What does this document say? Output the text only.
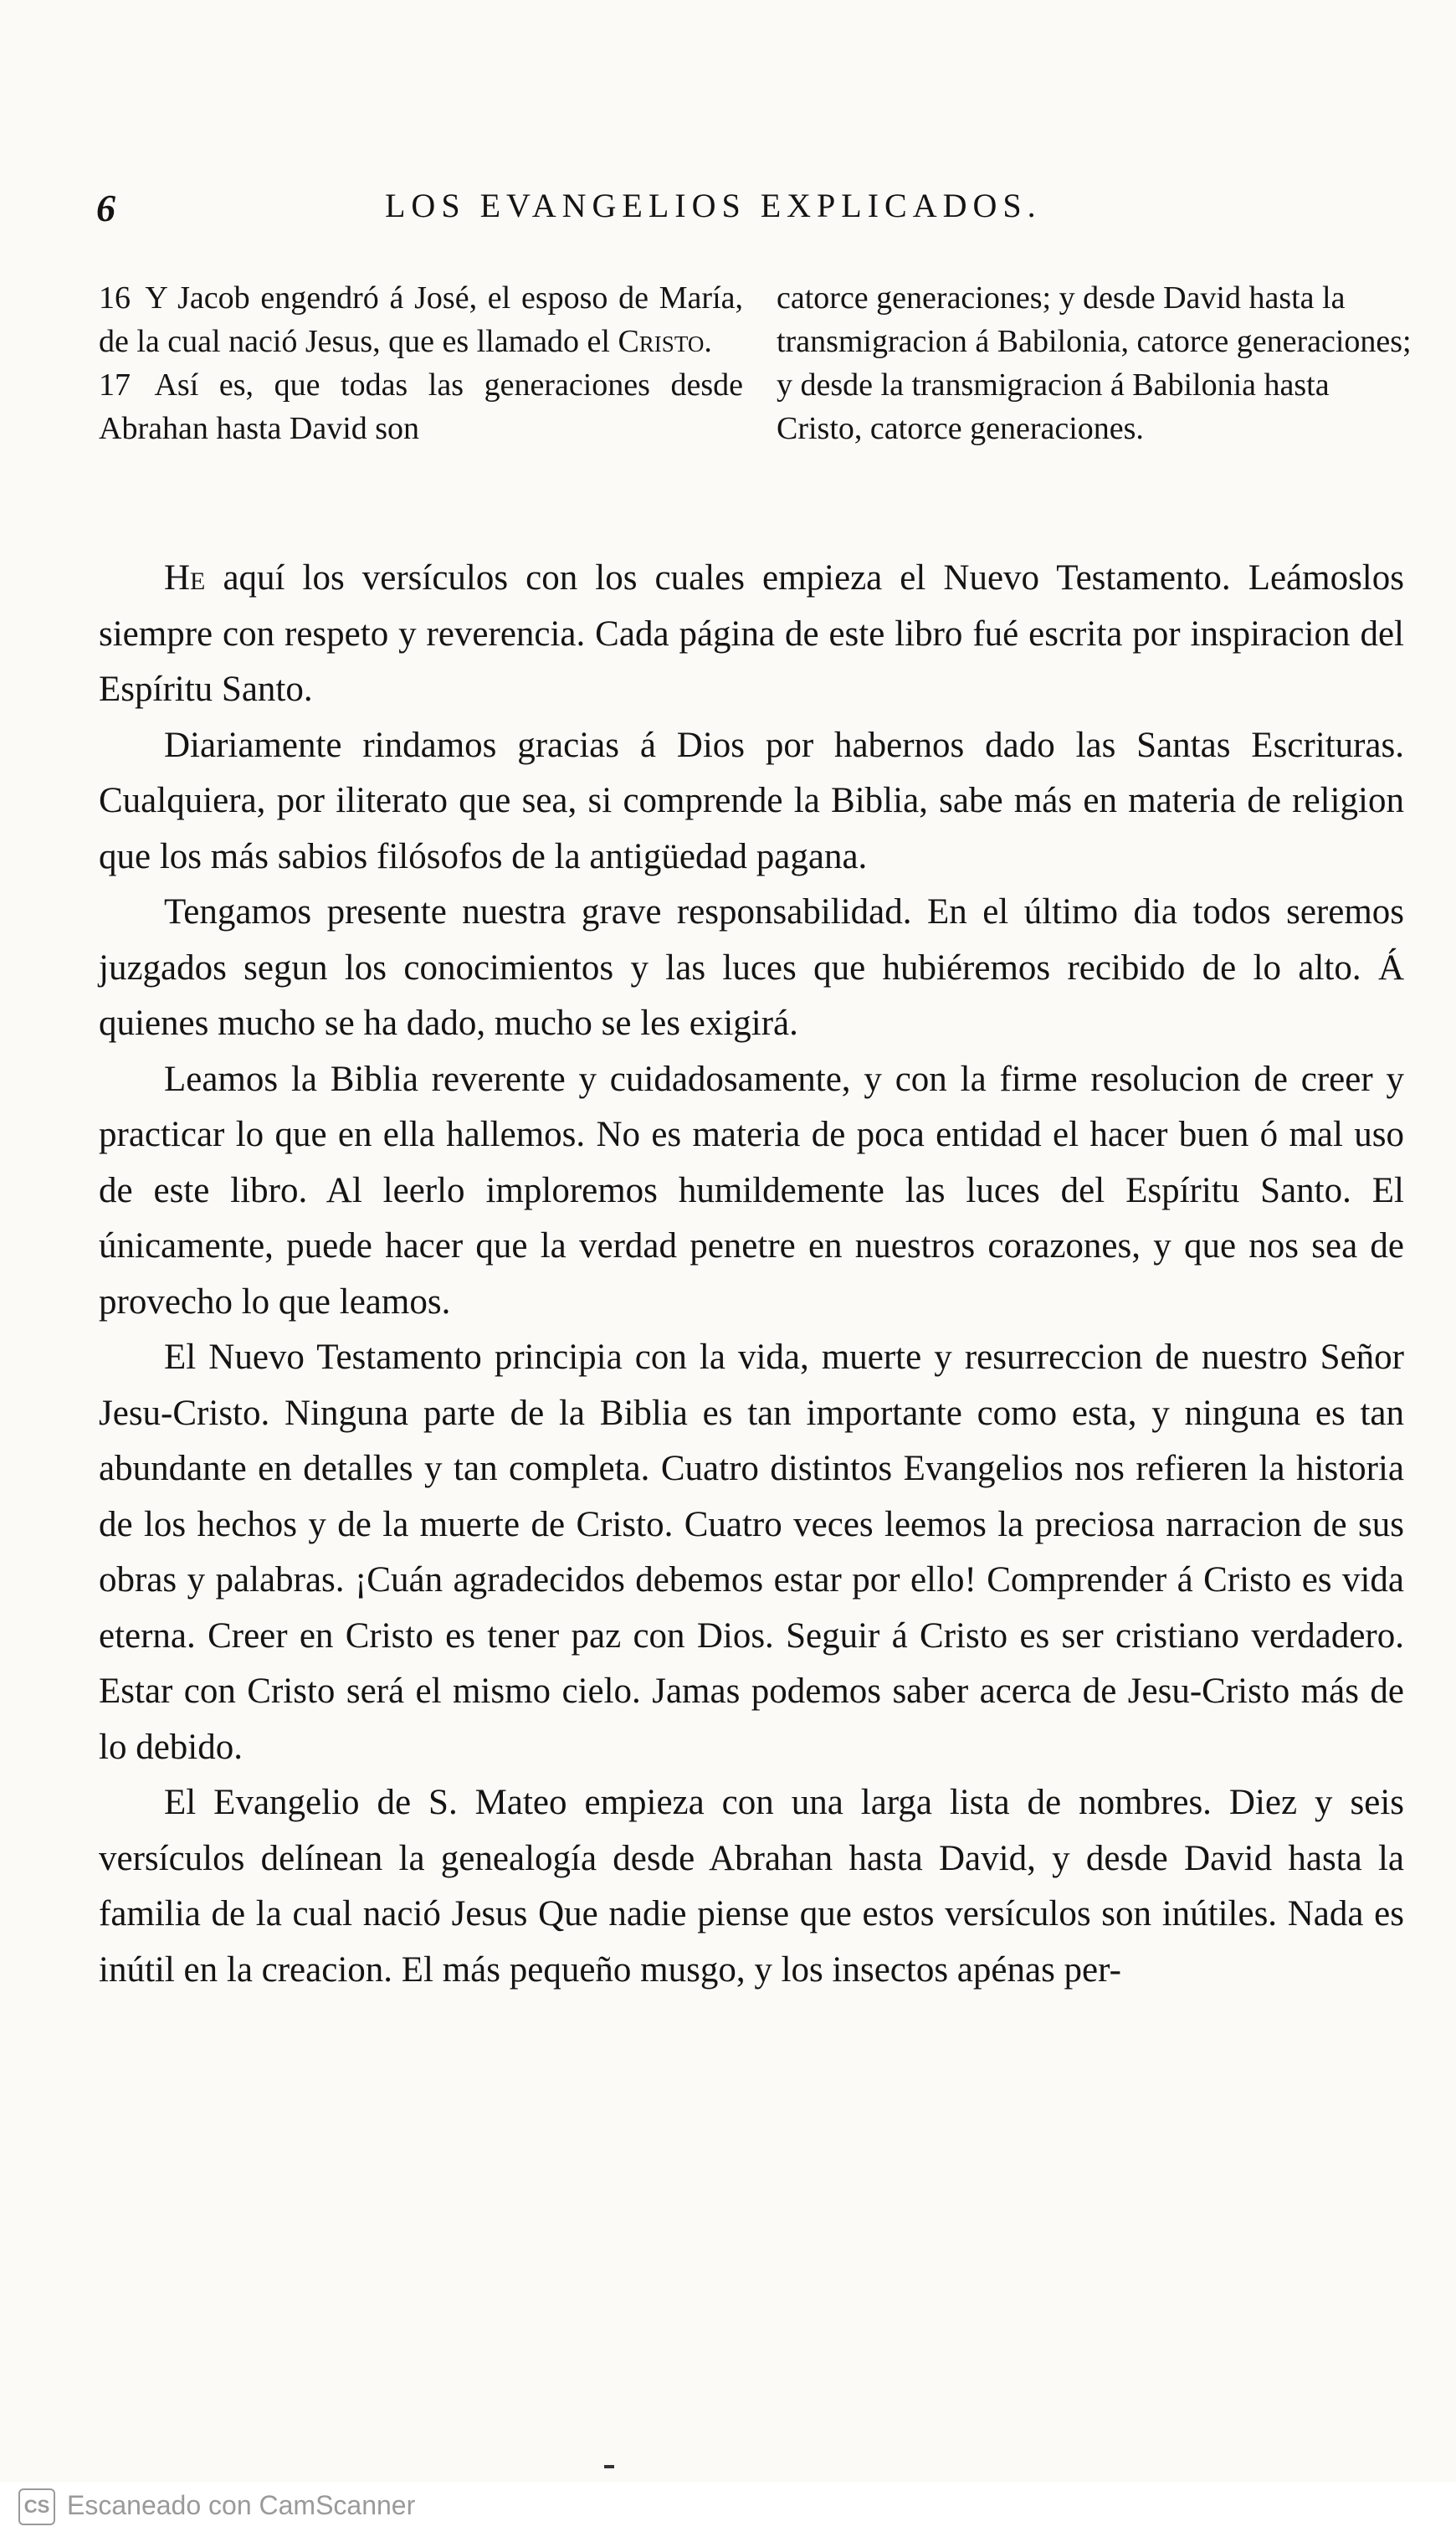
6	LOS EVANGELIOS EXPLICADOS.

16 Y Jacob engendró á José, el esposo de María, de la cual nació Jesus, que es llamado el Cristo.

17 Así es, que todas las generaciones desde Abrahan hasta David son

catorce generaciones; y desde David hasta la transmigracion á Babilonia, catorce generaciones; y desde la transmigracion á Babilonia hasta Cristo, catorce generaciones.

He aquí los versículos con los cuales empieza el Nuevo Testamento. Leámoslos siempre con respeto y reverencia. Cada página de este libro fué escrita por inspiracion del Espíritu Santo.

Diariamente rindamos gracias á Dios por habernos dado las Santas Escrituras. Cualquiera, por iliterato que sea, si comprende la Biblia, sabe más en materia de religion que los más sabios filósofos de la antigüedad pagana.

Tengamos presente nuestra grave responsabilidad. En el último dia todos seremos juzgados segun los conocimientos y las luces que hubiéremos recibido de lo alto. Á quienes mucho se ha dado, mucho se les exigirá.

Leamos la Biblia reverente y cuidadosamente, y con la firme resolucion de creer y practicar lo que en ella hallemos. No es materia de poca entidad el hacer buen ó mal uso de este libro. Al leerlo imploremos humildemente las luces del Espíritu Santo. El únicamente, puede hacer que la verdad penetre en nuestros corazones, y que nos sea de provecho lo que leamos.

El Nuevo Testamento principia con la vida, muerte y resurreccion de nuestro Señor Jesu-Cristo. Ninguna parte de la Biblia es tan importante como esta, y ninguna es tan abundante en detalles y tan completa. Cuatro distintos Evangelios nos refieren la historia de los hechos y de la muerte de Cristo. Cuatro veces leemos la preciosa narracion de sus obras y palabras. ¡Cuán agradecidos debemos estar por ello! Comprender á Cristo es vida eterna. Creer en Cristo es tener paz con Dios. Seguir á Cristo es ser cristiano verdadero. Estar con Cristo será el mismo cielo. Jamas podemos saber acerca de Jesu-Cristo más de lo debido.

El Evangelio de S. Mateo empieza con una larga lista de nombres. Diez y seis versículos delínean la genealogía desde Abrahan hasta David, y desde David hasta la familia de la cual nació Jesus Que nadie piense que estos versículos son inútiles. Nada es inútil en la creacion. El más pequeño musgo, y los insectos apénas per-

CS Escaneado con CamScanner
